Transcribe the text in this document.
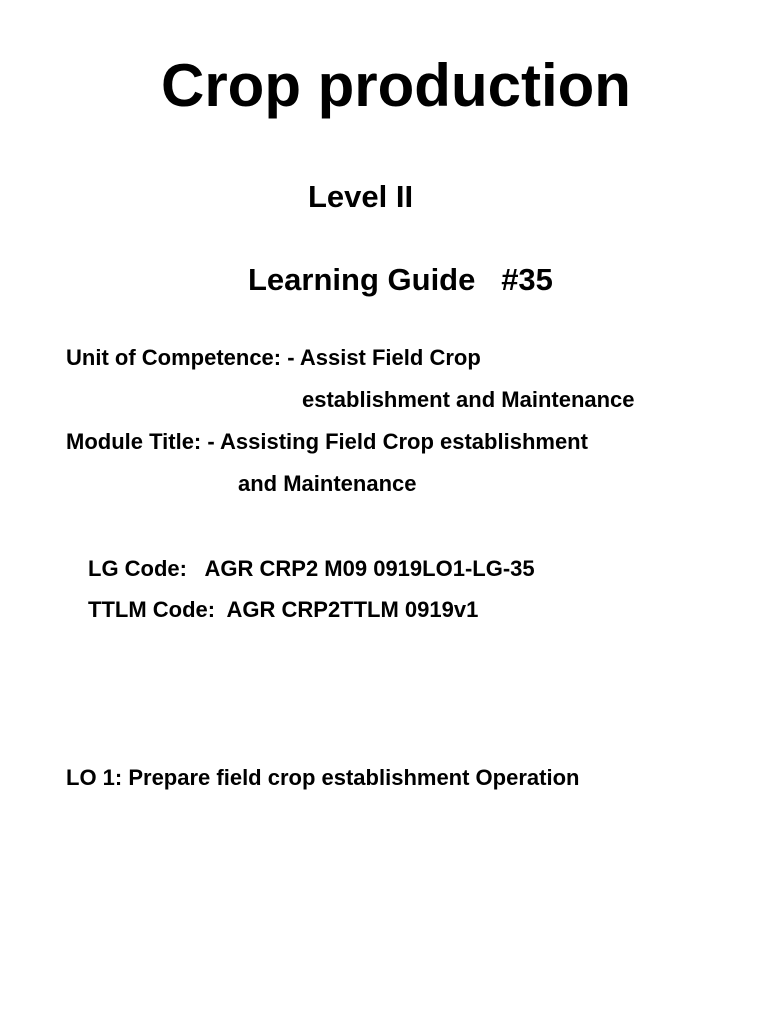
Crop production
Level II
Learning Guide   #35
Unit of Competence: - Assist Field Crop
establishment and Maintenance
Module Title: - Assisting Field Crop establishment
and Maintenance
LG Code:   AGR CRP2 M09 0919LO1-LG-35
TTLM Code:  AGR CRP2TTLM 0919v1
LO 1: Prepare field crop establishment Operation
